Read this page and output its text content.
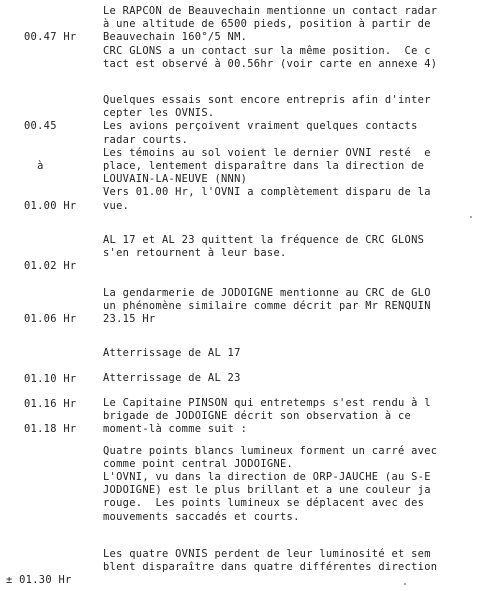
00.47 Hr

Le RAPCON de Beauvechain mentionne un contact radar
à une altitude de 6500 pieds, position à partir de
Beauvechain 160°/5 NM.
CRC GLONS a un contact sur la même position.  Ce c
tact est observé à 00.56hr (voir carte en annexe 4)

00.45

à

01.00 Hr

Quelques essais sont encore entrepris afin d'inter
cepter les OVNIS.
Les avions perçoivent vraiment quelques contacts
radar courts.
Les témoins au sol voient le dernier OVNI resté  e
place, lentement disparaître dans la direction de
LOUVAIN-LA-NEUVE (NNN)
Vers 01.00 Hr, l'OVNI a complètement disparu de la
vue.

01.02 Hr

AL 17 et AL 23 quittent la fréquence de CRC GLONS
s'en retournent à leur base.

01.06 Hr

La gendarmerie de JODOIGNE mentionne au CRC de GLO
un phénomène similaire comme décrit par Mr RENQUIN
23.15 Hr

01.10 Hr

Atterrissage de AL 17

01.16 Hr

Atterrissage de AL 23

01.18 Hr

Le Capitaine PINSON qui entretemps s'est rendu à l
brigade de JODOIGNE décrit son observation à ce
moment-là comme suit :
Quatre points blancs lumineux forment un carré avec
comme point central JODOIGNE.
L'OVNI, vu dans la direction de ORP-JAUCHE (au S-E
JODOIGNE) est le plus brillant et a une couleur ja
rouge.  Les points lumineux se déplacent avec des
mouvements saccadés et courts.

± 01.30 Hr

Les quatre OVNIS perdent de leur luminosité et sem
blent disparaître dans quatre différentes direction
